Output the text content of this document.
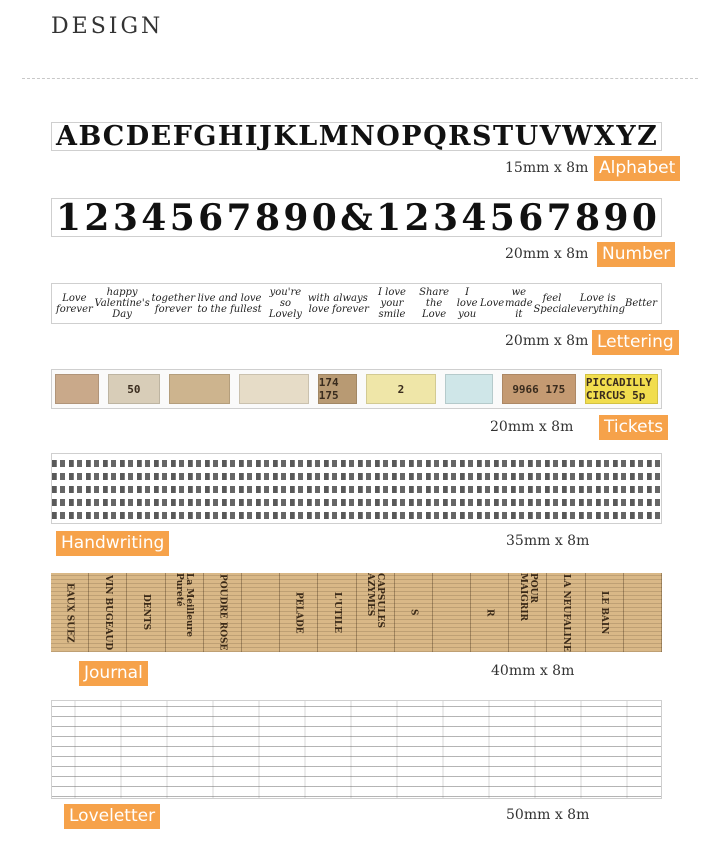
DESIGN
A B C D E F G H I J K L M N O P Q R S T U V W X Y Z
15mm x 8m Alphabet
1 2 3 4 5 6 7 8 9 0 & 1 2 3 4 5 6 7 8 9 0
20mm x 8m Number
Love forever
happy Valentine's Day
together forever
live and love to the fullest
you're so Lovely
with love
always forever
I love your smile
Share the Love
I love you
Love
we made it
feel Special
Love is everything Better
20mm x 8m Lettering
50	174 175	2	9966 175	PICCADILLY CIRCUS 5p
20mm x 8m Tickets
Handwriting	35mm x 8m
EAUX SUEZ	VIN BUGEAUD	DENTS	La Meilleure Pureté	POUDRE ROSE	PELADE	L'UTILE	CAPSULES AZYMES	S	R
POUR MAIGRIR	LA NEUFALINE	LE BAIN
Journal	40mm x 8m
Loveletter	50mm x 8m
